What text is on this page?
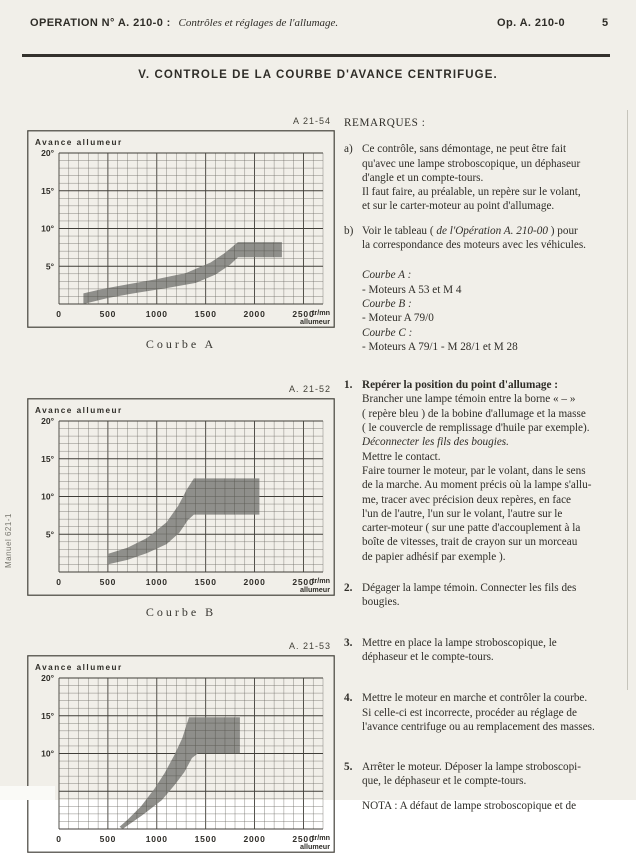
OPERATION N° A. 210-0 : Contrôles et réglages de l'allumage.	Op. A. 210-0	5
V. CONTROLE DE LA COURBE D'AVANCE CENTRIFUGE.
Manuel 621-1
A 21-54
Avance allumeur
5°
10°
15°
20°
0	500	1000	1500	2000	2500
tr/mn
allumeur
Courbe A
A. 21-52
Avance allumeur
5°
10°
15°
20°
0	500	1000	1500	2000	2500
tr/mn
allumeur
Courbe B
A. 21-53
Avance allumeur
10°
15°
20°
0	500	1000	1500	2000	2500
tr/mn
allumeur
REMARQUES :
a) Ce contrôle, sans démontage, ne peut être fait
qu'avec une lampe stroboscopique, un déphaseur
d'angle et un compte-tours.
Il faut faire, au préalable, un repère sur le volant,
et sur le carter-moteur au point d'allumage.
b) Voir le tableau ( de l'Opération A. 210-00 ) pour
la correspondance des moteurs avec les véhicules.
Courbe A :
- Moteurs A 53 et M 4
Courbe B :
- Moteur A 79/0
Courbe C :
- Moteurs A 79/1 - M 28/1 et M 28
1. Repérer la position du point d'allumage :
Brancher une lampe témoin entre la borne « – »
( repère bleu ) de la bobine d'allumage et la masse
( le couvercle de remplissage d'huile par exemple).
Déconnecter les fils des bougies.
Mettre le contact.
Faire tourner le moteur, par le volant, dans le sens
de la marche. Au moment précis où la lampe s'allu-
me, tracer avec précision deux repères, en face
l'un de l'autre, l'un sur le volant, l'autre sur le
carter-moteur ( sur une patte d'accouplement à la
boîte de vitesses, trait de crayon sur un morceau
de papier adhésif par exemple ).
2. Dégager la lampe témoin. Connecter les fils des
bougies.
3. Mettre en place la lampe stroboscopique, le
déphaseur et le compte-tours.
4. Mettre le moteur en marche et contrôler la courbe.
Si celle-ci est incorrecte, procéder au réglage de
l'avance centrifuge ou au remplacement des masses.
5. Arrêter le moteur. Déposer la lampe stroboscopi-
que, le déphaseur et le compte-tours.
NOTA : A défaut de lampe stroboscopique et de
